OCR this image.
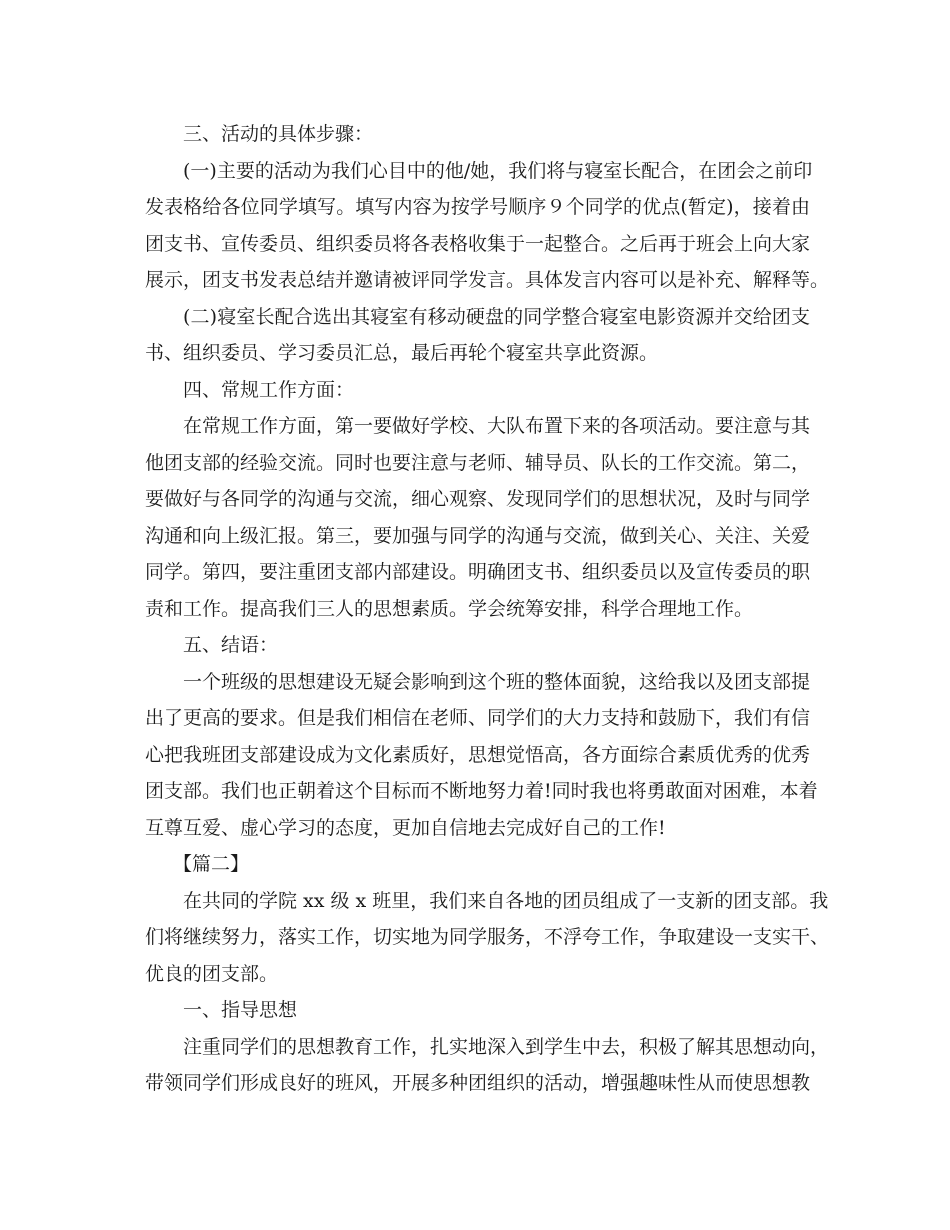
三、活动的具体步骤：
(一)主要的活动为我们心目中的他/她，我们将与寝室长配合，在团会之前印
发表格给各位同学填写。填写内容为按学号顺序９个同学的优点(暂定)，接着由
团支书、宣传委员、组织委员将各表格收集于一起整合。之后再于班会上向大家
展示，团支书发表总结并邀请被评同学发言。具体发言内容可以是补充、解释等。
(二)寝室长配合选出其寝室有移动硬盘的同学整合寝室电影资源并交给团支
书、组织委员、学习委员汇总，最后再轮个寝室共享此资源。
四、常规工作方面：
在常规工作方面，第一要做好学校、大队布置下来的各项活动。要注意与其
他团支部的经验交流。同时也要注意与老师、辅导员、队长的工作交流。第二，
要做好与各同学的沟通与交流，细心观察、发现同学们的思想状况，及时与同学
沟通和向上级汇报。第三，要加强与同学的沟通与交流，做到关心、关注、关爱
同学。第四，要注重团支部内部建设。明确团支书、组织委员以及宣传委员的职
责和工作。提高我们三人的思想素质。学会统筹安排，科学合理地工作。
五、结语：
一个班级的思想建设无疑会影响到这个班的整体面貌，这给我以及团支部提
出了更高的要求。但是我们相信在老师、同学们的大力支持和鼓励下，我们有信
心把我班团支部建设成为文化素质好，思想觉悟高，各方面综合素质优秀的优秀
团支部。我们也正朝着这个目标而不断地努力着!同时我也将勇敢面对困难，本着
互尊互爱、虚心学习的态度，更加自信地去完成好自己的工作!
【篇二】
在共同的学院 xx 级 x 班里，我们来自各地的团员组成了一支新的团支部。我
们将继续努力，落实工作，切实地为同学服务，不浮夸工作，争取建设一支实干、
优良的团支部。
一、指导思想
注重同学们的思想教育工作，扎实地深入到学生中去，积极了解其思想动向，
带领同学们形成良好的班风，开展多种团组织的活动，增强趣味性从而使思想教
